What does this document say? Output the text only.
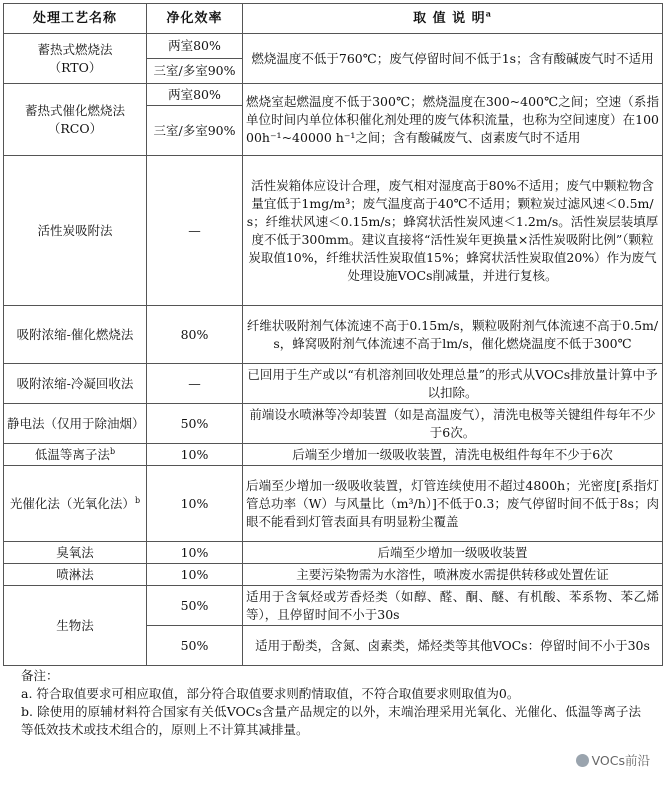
处理工艺名称	净化效率	取 值 说 明$^a$
蓄热式燃烧法
（RTO）	两室80%	燃烧温度不低于760℃；废气停留时间不低于1s；含有酸碱废气时不适用
	三室/多室90%	
蓄热式催化燃烧法
（RCO）	两室80%	燃烧室起燃温度不低于300℃；燃烧温度在300~400℃之间；空速（系指单位时间内单位体积催化剂处理的废气体积流量，也称为空间速度）在10000h⁻¹~40000 h⁻¹之间；含有酸碱废气、卤素废气时不适用
	三室/多室90%	
活性炭吸附法	—	活性炭箱体应设计合理，废气相对湿度高于80%不适用；废气中颗粒物含量宜低于1mg/m³；废气温度高于40℃不适用；颗粒炭过滤风速＜0.5m/s；纤维状风速＜0.15m/s；蜂窝状活性炭风速＜1.2m/s。活性炭层装填厚度不低于300mm。建议直接将“活性炭年更换量×活性炭吸附比例”（颗粒炭取值10%，纤维状活性炭取值15%；蜂窝状活性炭取值20%）作为废气处理设施VOCs削减量，并进行复核。
吸附浓缩-催化燃烧法	80%	纤维状吸附剂气体流速不高于0.15m/s，颗粒吸附剂气体流速不高于0.5m/s，蜂窝吸附剂气体流速不高于lm/s，催化燃烧温度不低于300℃
吸附浓缩-冷凝回收法	—	已回用于生产或以“有机溶剂回收处理总量”的形式从VOCs排放量计算中予以扣除。
静电法（仅用于除油烟）	50%	前端设水喷淋等冷却装置（如是高温废气），清洗电极等关键组件每年不少于6次。
低温等离子法$^b$	10%	后端至少增加一级吸收装置，清洗电极组件每年不少于6次
光催化法（光氧化法）$^b$	10%	后端至少增加一级吸收装置，灯管连续使用不超过4800h；光密度[系指灯管总功率（W）与风量比（m³/h）]不低于0.3；废气停留时间不低于8s；肉眼不能看到灯管表面具有明显粉尘覆盖
臭氧法	10%	后端至少增加一级吸收装置
喷淋法	10%	主要污染物需为水溶性，喷淋废水需提供转移或处置佐证
生物法	50%	适用于含氧烃或芳香烃类（如醇、醛、酮、醚、有机酸、苯系物、苯乙烯等），且停留时间不小于30s
	50%	适用于酚类，含氮、卤素类，烯烃类等其他VOCs：停留时间不小于30s
备注：
a. 符合取值要求可相应取值，部分符合取值要求则酌情取值，不符合取值要求则取值为0。
b. 除使用的原辅材料符合国家有关低VOCs含量产品规定的以外，末端治理采用光氧化、光催化、低温等离子法等低效技术或技术组合的，原则上不计算其减排量。
VOCs前沿
